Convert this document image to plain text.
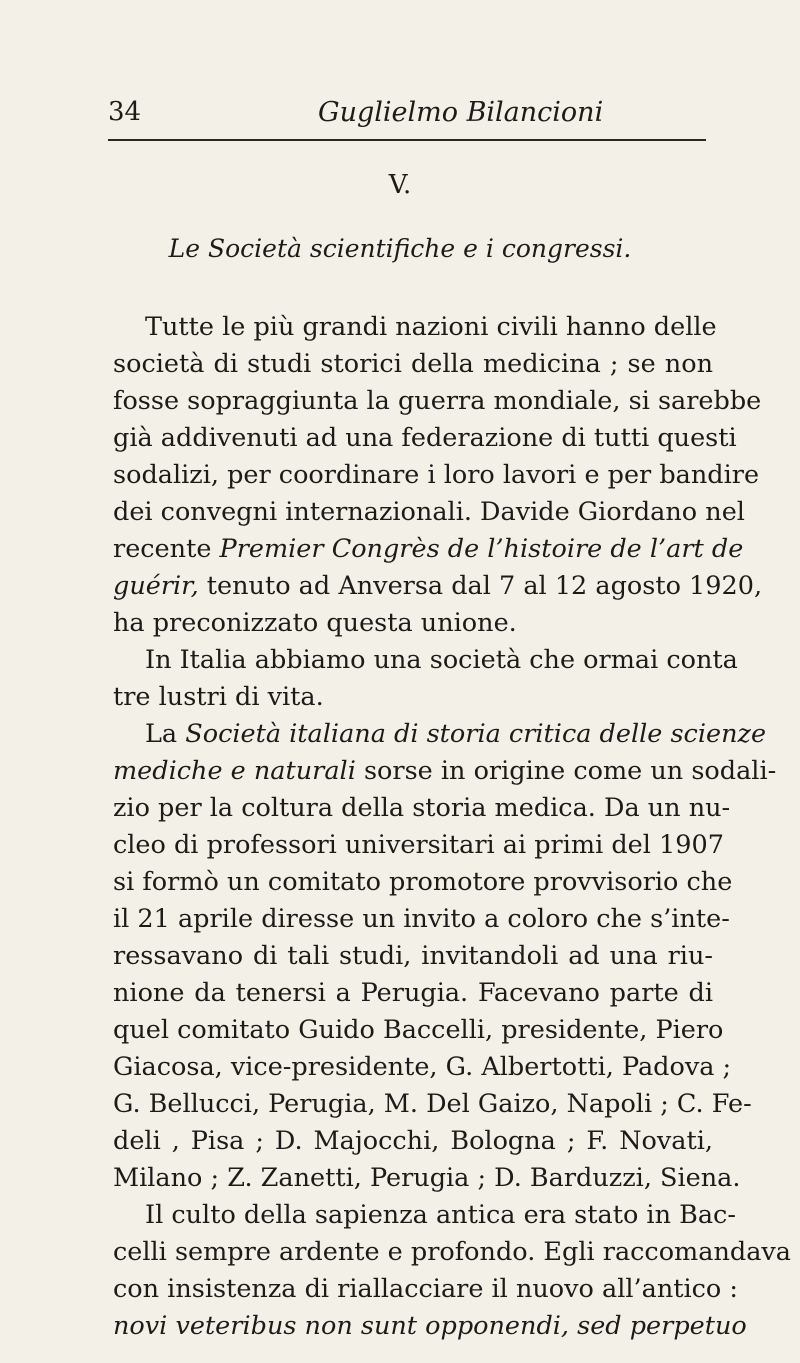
34	Guglielmo Bilancioni
V.
Le Società scientifiche e i congressi.
Tutte le più grandi nazioni civili hanno delle
società di studi storici della medicina ; se non
fosse sopraggiunta la guerra mondiale, si sarebbe
già addivenuti ad una federazione di tutti questi
sodalizi, per coordinare i loro lavori e per bandire
dei convegni internazionali. Davide Giordano nel
recente Premier Congrès de l’histoire de l’art de
guérir, tenuto ad Anversa dal 7 al 12 agosto 1920,
ha preconizzato questa unione.
In Italia abbiamo una società che ormai conta
tre lustri di vita.
La Società italiana di storia critica delle scienze
mediche e naturali sorse in origine come un sodali-
zio per la coltura della storia medica. Da un nu-
cleo di professori universitari ai primi del 1907
si formò un comitato promotore provvisorio che
il 21 aprile diresse un invito a coloro che s’inte-
ressavano di tali studi, invitandoli ad una riu-
nione da tenersi a Perugia. Facevano parte di
quel comitato Guido Baccelli, presidente, Piero
Giacosa, vice-presidente, G. Albertotti, Padova ;
G. Bellucci, Perugia, M. Del Gaizo, Napoli ; C. Fe-
deli , Pisa ; D. Majocchi, Bologna ; F. Novati,
Milano ; Z. Zanetti, Perugia ; D. Barduzzi, Siena.
Il culto della sapienza antica era stato in Bac-
celli sempre ardente e profondo. Egli raccomandava
con insistenza di riallacciare il nuovo all’antico :
novi veteribus non sunt opponendi, sed perpetuo
